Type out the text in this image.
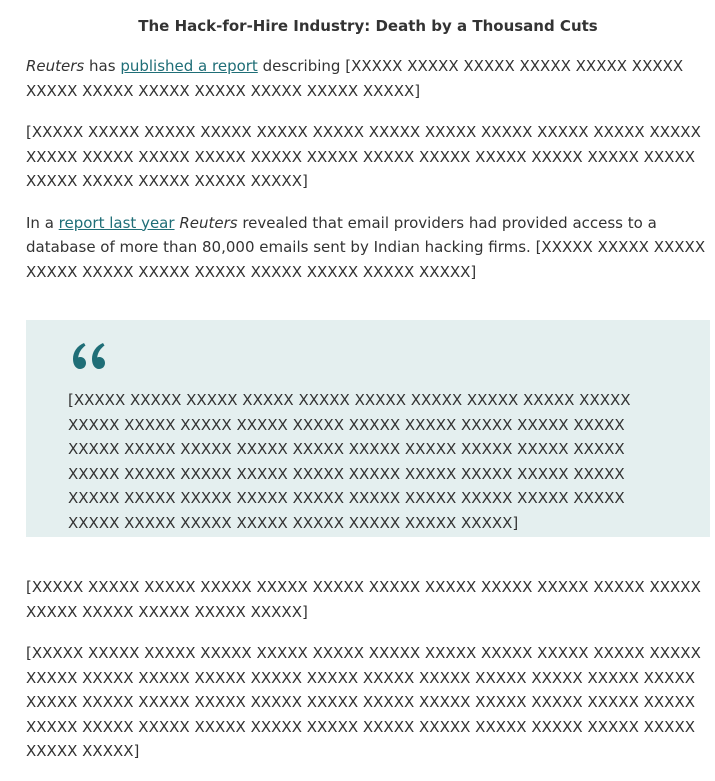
The Hack-for-Hire Industry: Death by a Thousand Cuts

Reuters has published a report describing [XXXXX XXXXX XXXXX XXXXX XXXXX XXXXX XXXXX XXXXX XXXXX XXXXX XXXXX XXXXX XXXXX]

[XXXXX XXXXX XXXXX XXXXX XXXXX XXXXX XXXXX XXXXX XXXXX XXXXX XXXXX XXXXX XXXXX XXXXX XXXXX XXXXX XXXXX XXXXX XXXXX XXXXX XXXXX XXXXX XXXXX XXXXX XXXXX XXXXX XXXXX XXXXX XXXXX]

In a report last year Reuters revealed that email providers had provided access to a database of more than 80,000 emails sent by Indian hacking firms. [XXXXX XXXXX XXXXX XXXXX XXXXX XXXXX XXXXX XXXXX XXXXX XXXXX XXXXX]

[XXXXX XXXXX XXXXX XXXXX XXXXX XXXXX XXXXX XXXXX XXXXX XXXXX XXXXX XXXXX XXXXX XXXXX XXXXX XXXXX XXXXX XXXXX XXXXX XXXXX XXXXX XXXXX XXXXX XXXXX XXXXX XXXXX XXXXX XXXXX XXXXX XXXXX XXXXX XXXXX XXXXX XXXXX XXXXX XXXXX XXXXX XXXXX XXXXX XXXXX XXXXX XXXXX XXXXX XXXXX XXXXX XXXXX XXXXX XXXXX XXXXX XXXXX XXXXX XXXXX XXXXX XXXXX XXXXX XXXXX XXXXX XXXXX]

[XXXXX XXXXX XXXXX XXXXX XXXXX XXXXX XXXXX XXXXX XXXXX XXXXX XXXXX XXXXX XXXXX XXXXX XXXXX XXXXX XXXXX]

[XXXXX XXXXX XXXXX XXXXX XXXXX XXXXX XXXXX XXXXX XXXXX XXXXX XXXXX XXXXX XXXXX XXXXX XXXXX XXXXX XXXXX XXXXX XXXXX XXXXX XXXXX XXXXX XXXXX XXXXX XXXXX XXXXX XXXXX XXXXX XXXXX XXXXX XXXXX XXXXX XXXXX XXXXX XXXXX XXXXX XXXXX XXXXX XXXXX XXXXX XXXXX XXXXX XXXXX XXXXX XXXXX XXXXX XXXXX XXXXX XXXXX XXXXX]
